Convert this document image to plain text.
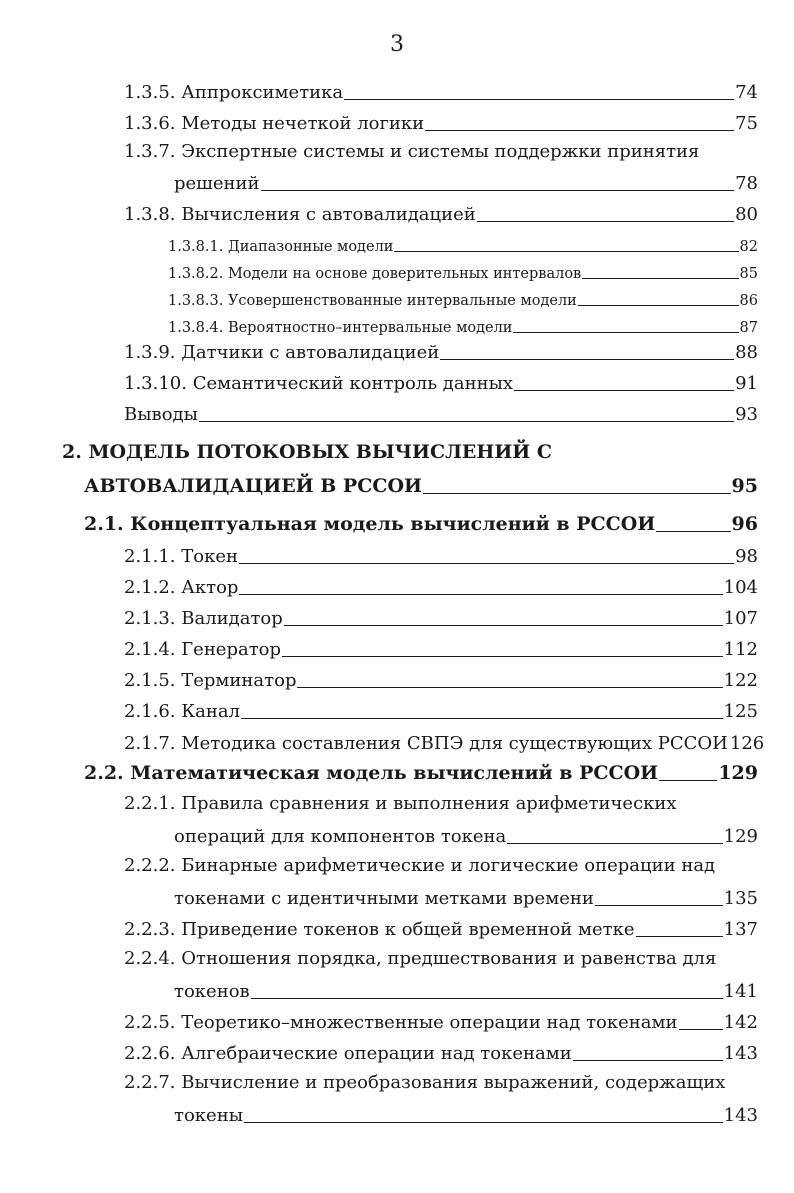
3
1.3.5. Аппроксиметика	74
1.3.6. Методы нечеткой логики	75
1.3.7. Экспертные системы и системы поддержки принятия
решений	78
1.3.8. Вычисления с автовалидацией	80
1.3.8.1. Диапазонные модели	82
1.3.8.2. Модели на основе доверительных интервалов	85
1.3.8.3. Усовершенствованные интервальные модели	86
1.3.8.4. Вероятностно–интервальные модели	87
1.3.9. Датчики с автовалидацией	88
1.3.10. Семантический контроль данных	91
Выводы	93
2. МОДЕЛЬ ПОТОКОВЫХ ВЫЧИСЛЕНИЙ С
АВТОВАЛИДАЦИЕЙ В РССОИ	95
2.1. Концептуальная модель вычислений в РССОИ	96
2.1.1. Токен	98
2.1.2. Актор	104
2.1.3. Валидатор	107
2.1.4. Генератор	112
2.1.5. Терминатор	122
2.1.6. Канал	125
2.1.7. Методика составления СВПЭ для существующих РССОИ 126
2.2. Математическая модель вычислений в РССОИ	129
2.2.1. Правила сравнения и выполнения арифметических
операций для компонентов токена	129
2.2.2. Бинарные арифметические и логические операции над
токенами с идентичными метками времени	135
2.2.3. Приведение токенов к общей временной метке	137
2.2.4. Отношения порядка, предшествования и равенства для
токенов	141
2.2.5. Теоретико–множественные операции над токенами	142
2.2.6. Алгебраические операции над токенами	143
2.2.7. Вычисление и преобразования выражений, содержащих
токены	143
